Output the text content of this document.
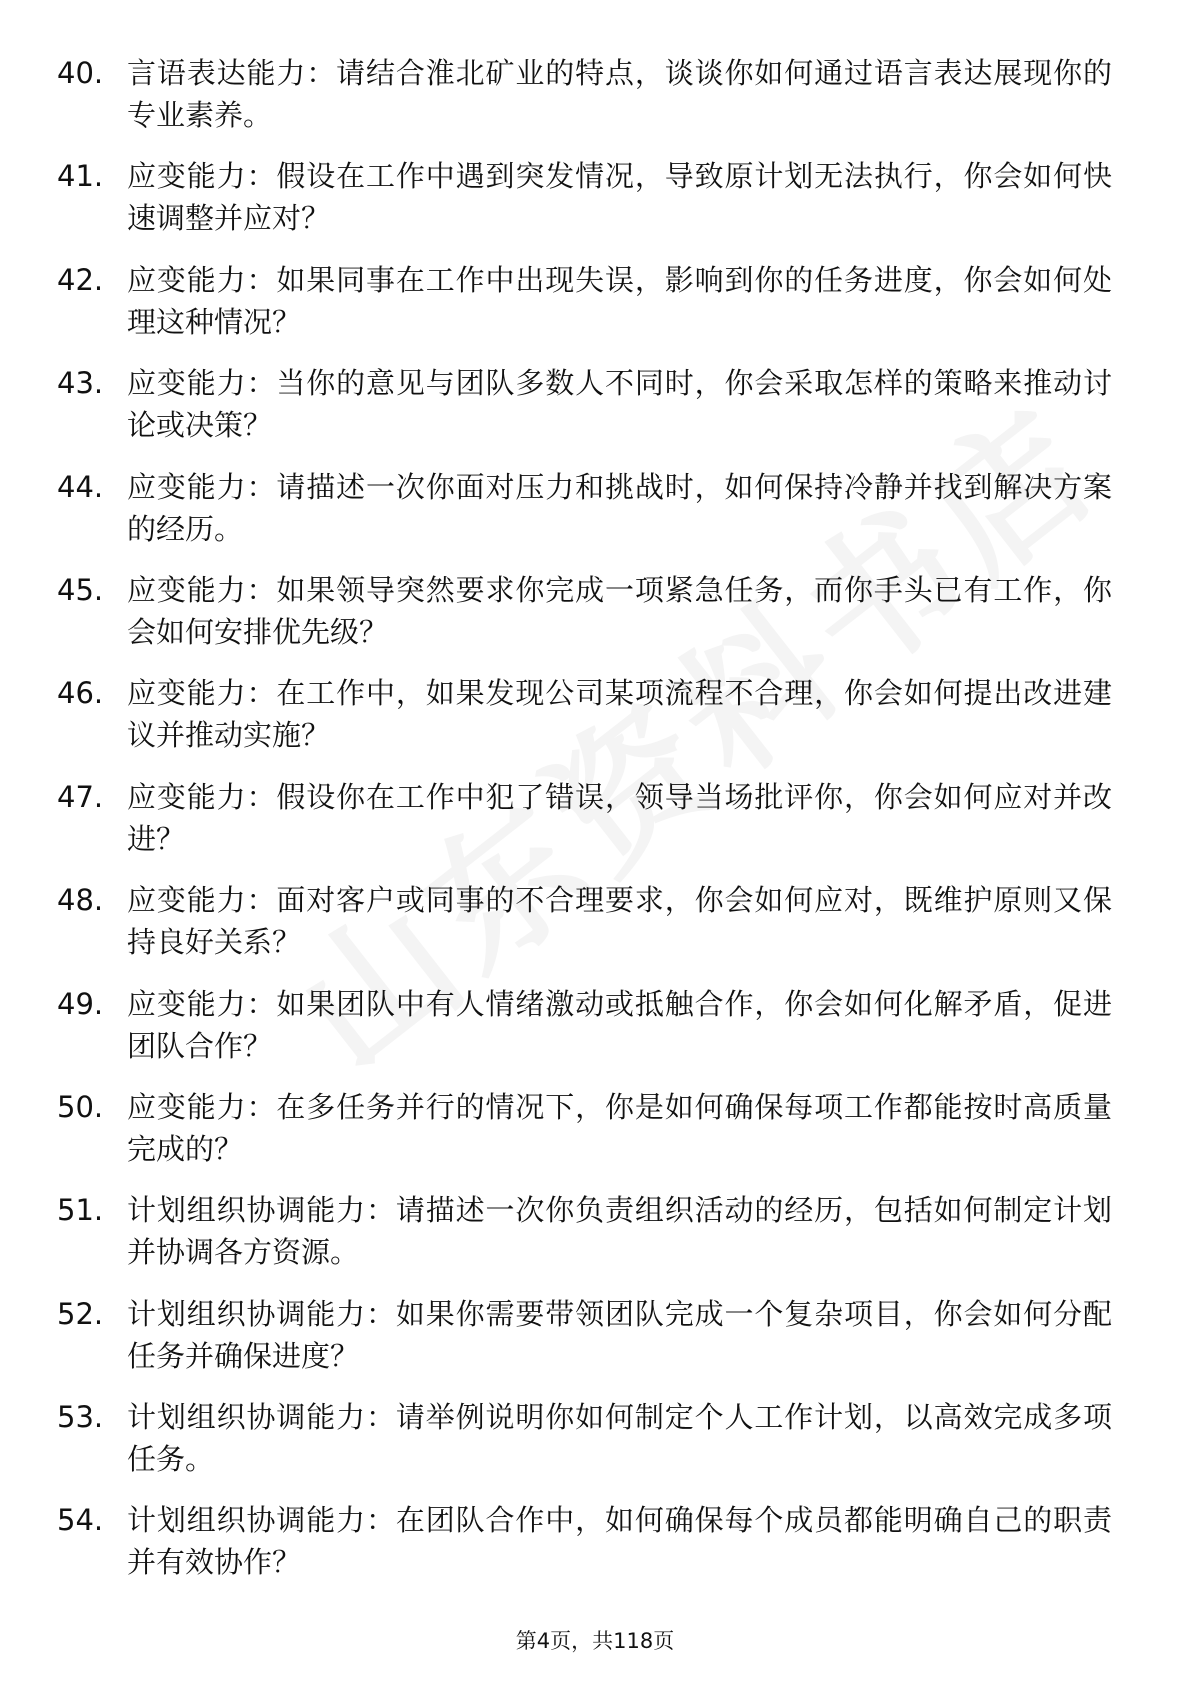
40. 言语表达能力：请结合淮北矿业的特点，谈谈你如何通过语言表达展现你的专业素养。
41. 应变能力：假设在工作中遇到突发情况，导致原计划无法执行，你会如何快速调整并应对？
42. 应变能力：如果同事在工作中出现失误，影响到你的任务进度，你会如何处理这种情况？
43. 应变能力：当你的意见与团队多数人不同时，你会采取怎样的策略来推动讨论或决策？
44. 应变能力：请描述一次你面对压力和挑战时，如何保持冷静并找到解决方案的经历。
45. 应变能力：如果领导突然要求你完成一项紧急任务，而你手头已有工作，你会如何安排优先级？
46. 应变能力：在工作中，如果发现公司某项流程不合理，你会如何提出改进建议并推动实施？
47. 应变能力：假设你在工作中犯了错误，领导当场批评你，你会如何应对并改进？
48. 应变能力：面对客户或同事的不合理要求，你会如何应对，既维护原则又保持良好关系？
49. 应变能力：如果团队中有人情绪激动或抵触合作，你会如何化解矛盾，促进团队合作？
50. 应变能力：在多任务并行的情况下，你是如何确保每项工作都能按时高质量完成的？
51. 计划组织协调能力：请描述一次你负责组织活动的经历，包括如何制定计划并协调各方资源。
52. 计划组织协调能力：如果你需要带领团队完成一个复杂项目，你会如何分配任务并确保进度？
53. 计划组织协调能力：请举例说明你如何制定个人工作计划，以高效完成多项任务。
54. 计划组织协调能力：在团队合作中，如何确保每个成员都能明确自己的职责并有效协作？
第4页，共118页
